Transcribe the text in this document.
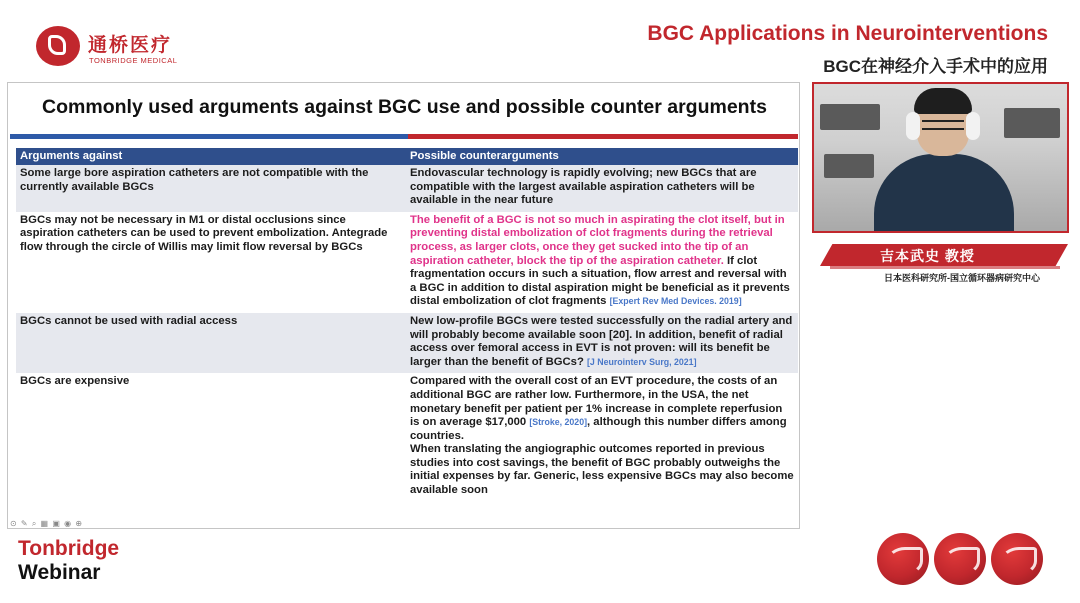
通桥医疗
TONBRIDGE MEDICAL
BGC Applications in Neurointerventions
BGC在神经介入手术中的应用
Commonly used arguments against BGC use and possible counter arguments
Arguments against	Possible counterarguments
Some large bore aspiration catheters are not compatible with the currently available BGCs	Endovascular technology is rapidly evolving; new BGCs that are compatible with the largest available aspiration catheters will be available in the near future
BGCs may not be necessary in M1 or distal occlusions since aspiration catheters can be used to prevent embolization. Antegrade flow through the circle of Willis may limit flow reversal by BGCs	The benefit of a BGC is not so much in aspirating the clot itself, but in preventing distal embolization of clot fragments during the retrieval process, as larger clots, once they get sucked into the tip of an aspiration catheter, block the tip of the aspiration catheter. If clot fragmentation occurs in such a situation, flow arrest and reversal with a BGC in addition to distal aspiration might be beneficial as it prevents distal embolization of clot fragments [Expert Rev Med Devices. 2019]
BGCs cannot be used with radial access	New low-profile BGCs were tested successfully on the radial artery and will probably become available soon [20]. In addition, benefit of radial access over femoral access in EVT is not proven: will its benefit be larger than the benefit of BGCs? [J Neurointerv Surg, 2021]
BGCs are expensive	Compared with the overall cost of an EVT procedure, the costs of an additional BGC are rather low. Furthermore, in the USA, the net monetary benefit per patient per 1% increase in complete reperfusion is on average $17,000 [Stroke, 2020], although this number differs among countries.
When translating the angiographic outcomes reported in previous studies into cost savings, the benefit of BGC probably outweighs the initial expenses by far. Generic, less expensive BGCs may also become available soon
⊙ ✎ ⌕ ▦ ▣ ◉ ⊕
吉本武史 教授
日本医科研究所-国立循环器病研究中心
Tonbridge
Webinar
